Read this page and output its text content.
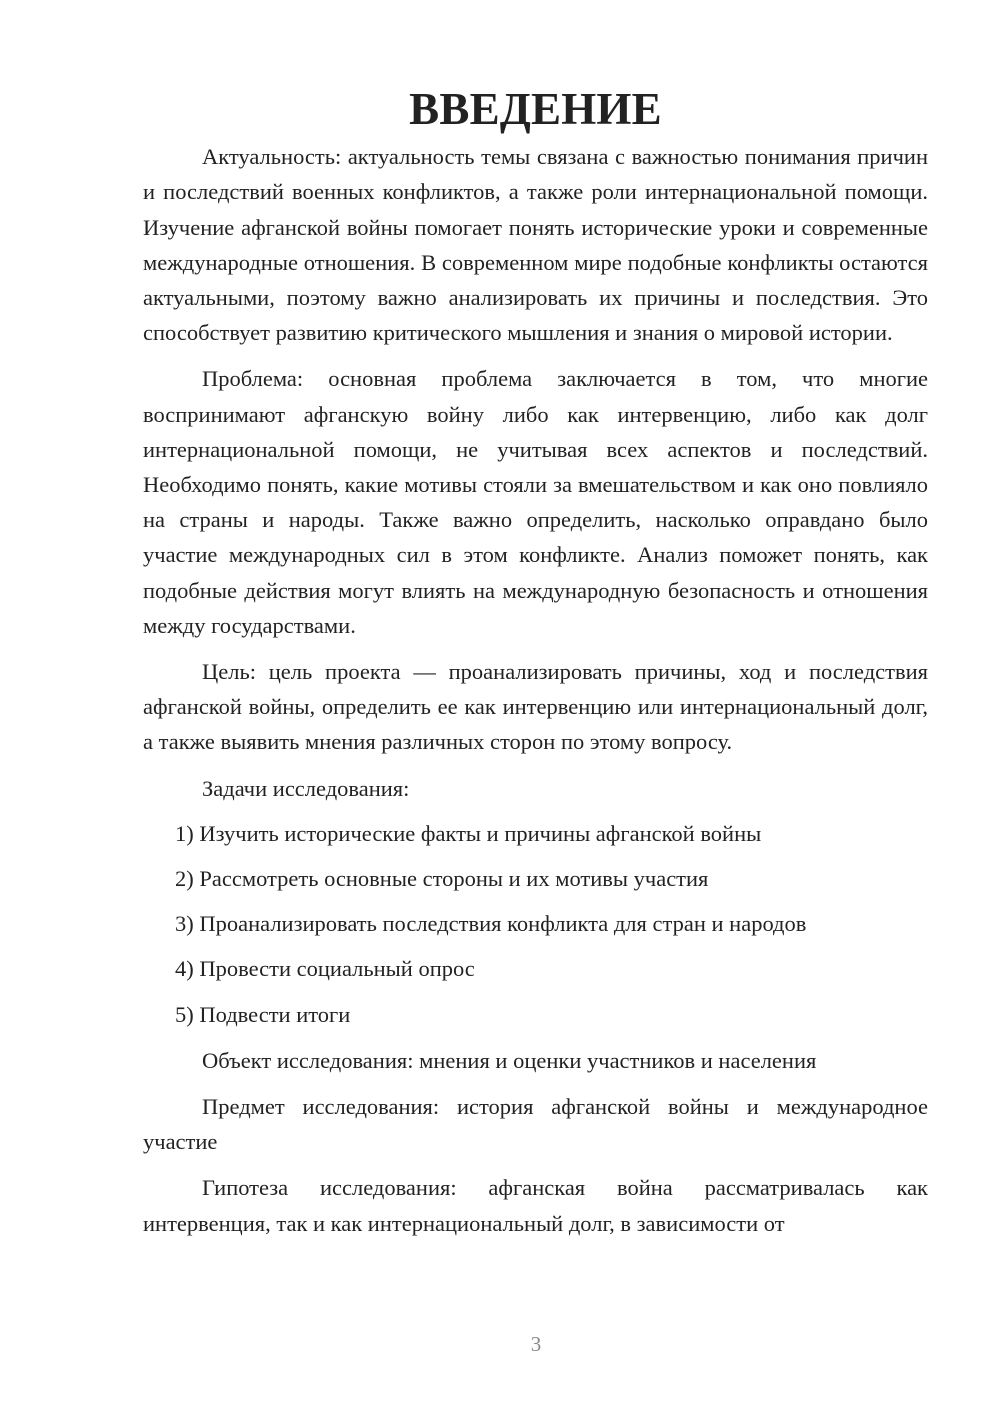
ВВЕДЕНИЕ

Актуальность: актуальность темы связана с важностью понимания причин и последствий военных конфликтов, а также роли интернациональной помощи. Изучение афганской войны помогает понять исторические уроки и современные международные отношения. В современном мире подобные конфликты остаются актуальными, поэтому важно анализировать их причины и последствия. Это способствует развитию критического мышления и знания о мировой истории.

Проблема: основная проблема заключается в том, что многие воспринимают афганскую войну либо как интервенцию, либо как долг интернациональной помощи, не учитывая всех аспектов и последствий. Необходимо понять, какие мотивы стояли за вмешательством и как оно повлияло на страны и народы. Также важно определить, насколько оправдано было участие международных сил в этом конфликте. Анализ поможет понять, как подобные действия могут влиять на международную безопасность и отношения между государствами.

Цель: цель проекта — проанализировать причины, ход и последствия афганской войны, определить ее как интервенцию или интернациональный долг, а также выявить мнения различных сторон по этому вопросу.

Задачи исследования:

1) Изучить исторические факты и причины афганской войны

2) Рассмотреть основные стороны и их мотивы участия

3) Проанализировать последствия конфликта для стран и народов

4) Провести социальный опрос

5) Подвести итоги

Объект исследования: мнения и оценки участников и населения

Предмет исследования: история афганской войны и международное участие

Гипотеза исследования: афганская война рассматривалась как интервенция, так и как интернациональный долг, в зависимости от

3
